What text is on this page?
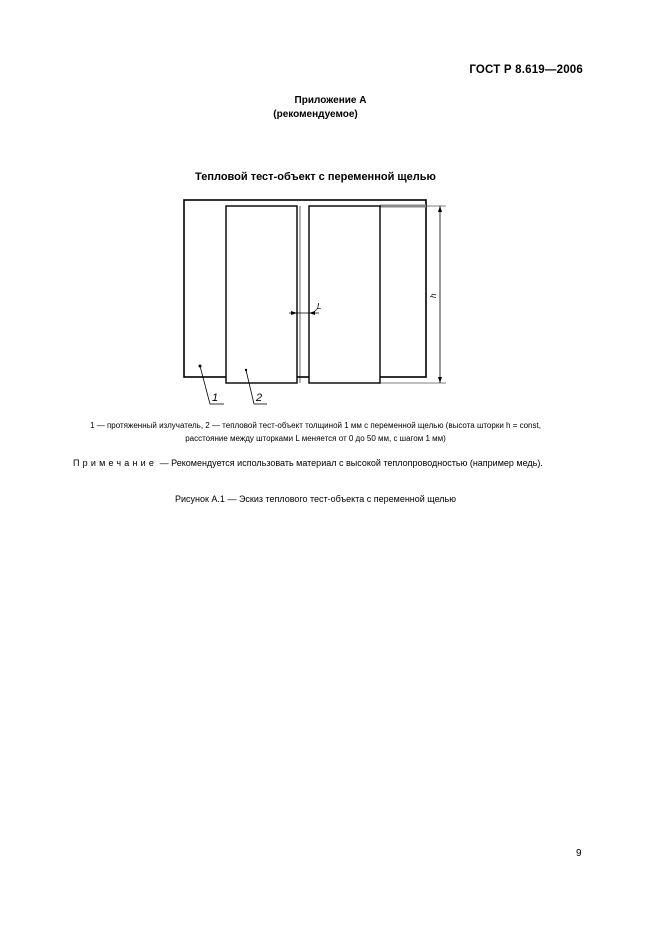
ГОСТ Р 8.619—2006
Приложение А
(рекомендуемое)
Тепловой тест-объект с переменной щелью
L
h
1	2
1 — протяженный излучатель, 2 — тепловой тест-объект толщиной 1 мм с переменной щелью (высота шторки h = const,
расстояние между шторками L меняется от 0 до 50 мм, с шагом 1 мм)
Примечание — Рекомендуется использовать материал с высокой теплопроводностью (например медь).
Рисунок А.1 — Эскиз теплового тест-объекта с переменной щелью
9
